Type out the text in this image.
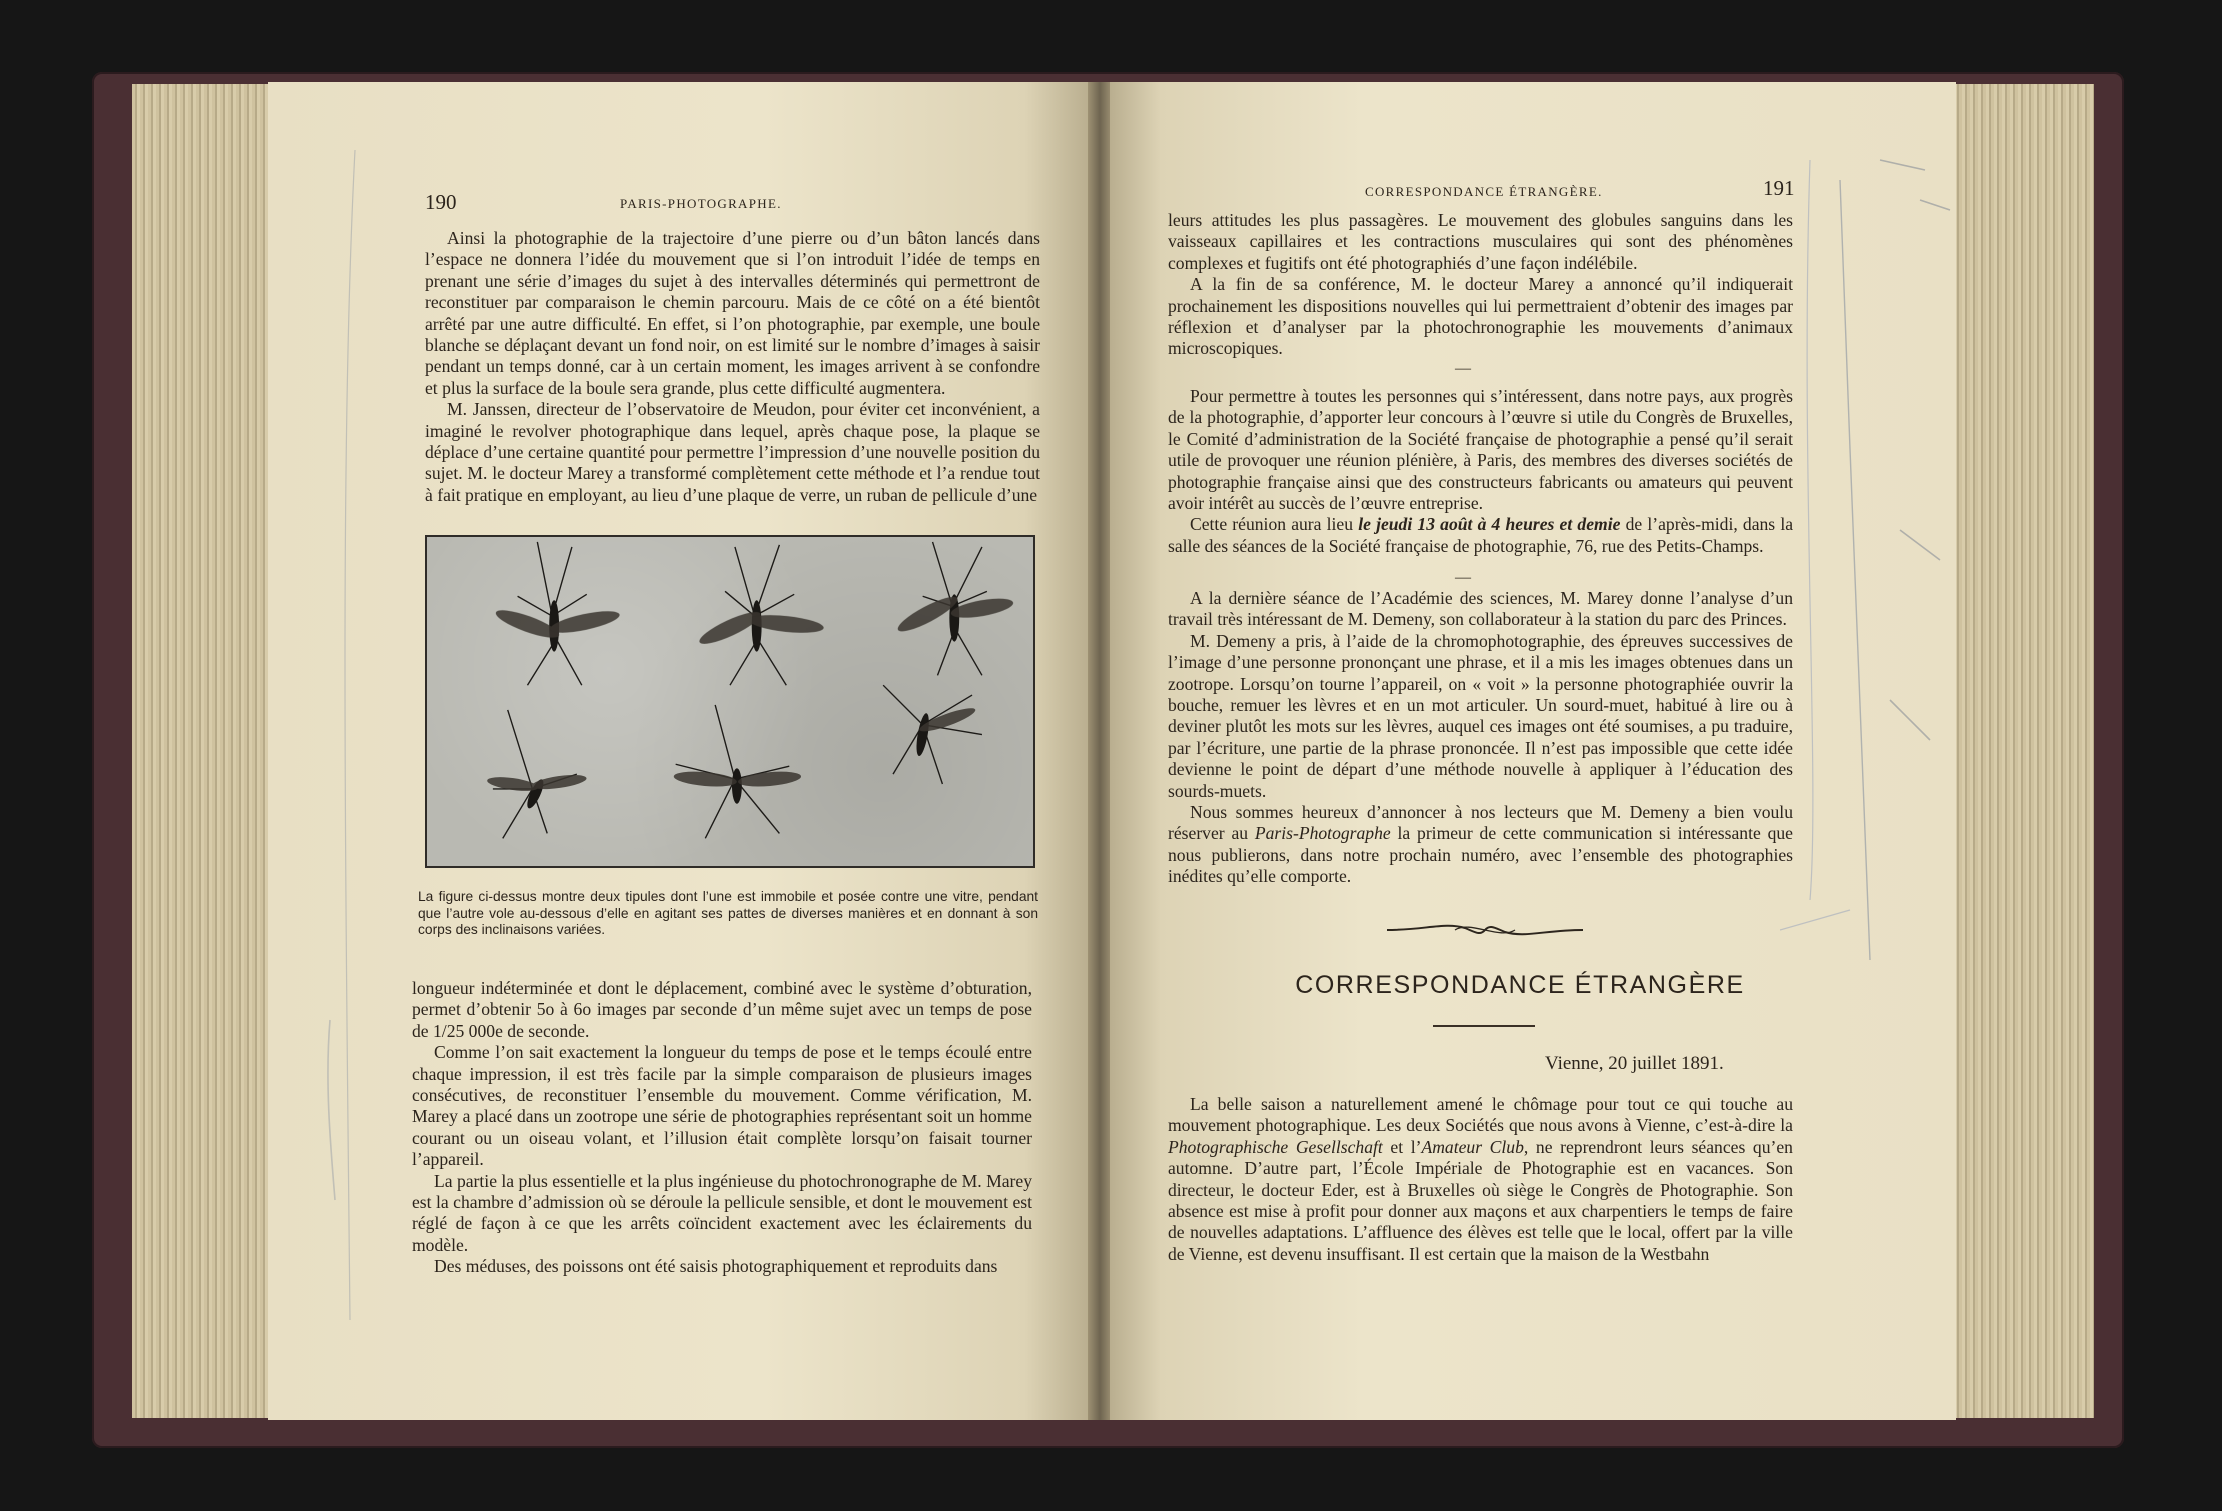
190	PARIS-PHOTOGRAPHE.

Ainsi la photographie de la trajectoire d’une pierre ou d’un bâton lancés dans l’espace ne donnera l’idée du mouvement que si l’on introduit l’idée de temps en prenant une série d’images du sujet à des intervalles déterminés qui permettront de reconstituer par comparaison le chemin parcouru. Mais de ce côté on a été bientôt arrêté par une autre difficulté. En effet, si l’on photographie, par exemple, une boule blanche se déplaçant devant un fond noir, on est limité sur le nombre d’images à saisir pendant un temps donné, car à un certain moment, les images arrivent à se confondre et plus la surface de la boule sera grande, plus cette difficulté augmentera.

M. Janssen, directeur de l’observatoire de Meudon, pour éviter cet inconvénient, a imaginé le revolver photographique dans lequel, après chaque pose, la plaque se déplace d’une certaine quantité pour permettre l’impression d’une nouvelle position du sujet. M. le docteur Marey a transformé complètement cette méthode et l’a rendue tout à fait pratique en employant, au lieu d’une plaque de verre, un ruban de pellicule d’une

La figure ci-dessus montre deux tipules dont l’une est immobile et posée contre une vitre, pendant que l’autre vole au-dessous d’elle en agitant ses pattes de diverses manières et en donnant à son corps des inclinaisons variées.

longueur indéterminée et dont le déplacement, combiné avec le système d’obturation, permet d’obtenir 5o à 6o images par seconde d’un même sujet avec un temps de pose de 1/25 000e de seconde.

Comme l’on sait exactement la longueur du temps de pose et le temps écoulé entre chaque impression, il est très facile par la simple comparaison de plusieurs images consécutives, de reconstituer l’ensemble du mouvement. Comme vérification, M. Marey a placé dans un zootrope une série de photographies représentant soit un homme courant ou un oiseau volant, et l’illusion était complète lorsqu’on faisait tourner l’appareil.

La partie la plus essentielle et la plus ingénieuse du photochronographe de M. Marey est la chambre d’admission où se déroule la pellicule sensible, et dont le mouvement est réglé de façon à ce que les arrêts coïncident exactement avec les éclairements du modèle.

Des méduses, des poissons ont été saisis photographiquement et reproduits dans

CORRESPONDANCE ÉTRANGÈRE.	191

leurs attitudes les plus passagères. Le mouvement des globules sanguins dans les vaisseaux capillaires et les contractions musculaires qui sont des phénomènes complexes et fugitifs ont été photographiés d’une façon indélébile.

A la fin de sa conférence, M. le docteur Marey a annoncé qu’il indiquerait prochainement les dispositions nouvelles qui lui permettraient d’obtenir des images par réflexion et d’analyser par la photochronographie les mouvements d’animaux microscopiques.

—

Pour permettre à toutes les personnes qui s’intéressent, dans notre pays, aux progrès de la photographie, d’apporter leur concours à l’œuvre si utile du Congrès de Bruxelles, le Comité d’administration de la Société française de photographie a pensé qu’il serait utile de provoquer une réunion plénière, à Paris, des membres des diverses sociétés de photographie française ainsi que des constructeurs fabricants ou amateurs qui peuvent avoir intérêt au succès de l’œuvre entreprise.

Cette réunion aura lieu le jeudi 13 août à 4 heures et demie de l’après-midi, dans la salle des séances de la Société française de photographie, 76, rue des Petits-Champs.

—

A la dernière séance de l’Académie des sciences, M. Marey donne l’analyse d’un travail très intéressant de M. Demeny, son collaborateur à la station du parc des Princes.

M. Demeny a pris, à l’aide de la chromophotographie, des épreuves successives de l’image d’une personne prononçant une phrase, et il a mis les images obtenues dans un zootrope. Lorsqu’on tourne l’appareil, on « voit » la personne photographiée ouvrir la bouche, remuer les lèvres et en un mot articuler. Un sourd-muet, habitué à lire ou à deviner plutôt les mots sur les lèvres, auquel ces images ont été soumises, a pu traduire, par l’écriture, une partie de la phrase prononcée. Il n’est pas impossible que cette idée devienne le point de départ d’une méthode nouvelle à appliquer à l’éducation des sourds-muets.

Nous sommes heureux d’annoncer à nos lecteurs que M. Demeny a bien voulu réserver au Paris-Photographe la primeur de cette communication si intéressante que nous publierons, dans notre prochain numéro, avec l’ensemble des photographies inédites qu’elle comporte.

CORRESPONDANCE ÉTRANGÈRE
Vienne, 20 juillet 1891.

La belle saison a naturellement amené le chômage pour tout ce qui touche au mouvement photographique. Les deux Sociétés que nous avons à Vienne, c’est-à-dire la Photographische Gesellschaft et l’Amateur Club, ne reprendront leurs séances qu’en automne. D’autre part, l’École Impériale de Photographie est en vacances. Son directeur, le docteur Eder, est à Bruxelles où siège le Congrès de Photographie. Son absence est mise à profit pour donner aux maçons et aux charpentiers le temps de faire de nouvelles adaptations. L’affluence des élèves est telle que le local, offert par la ville de Vienne, est devenu insuffisant. Il est certain que la maison de la Westbahn
